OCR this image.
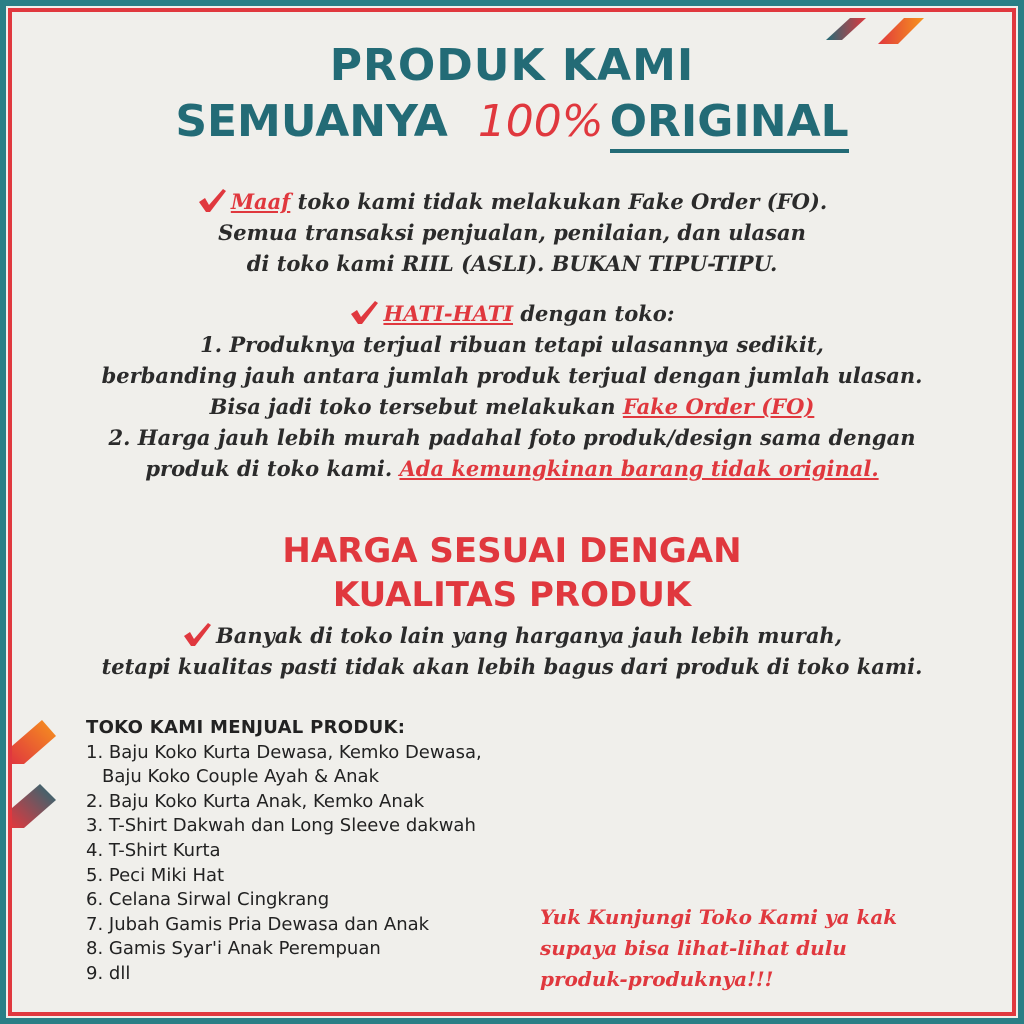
PRODUK KAMI
SEMUANYA 100% ORIGINAL
Maaf toko kami tidak melakukan Fake Order (FO).
Semua transaksi penjualan, penilaian, dan ulasan
di toko kami RIIL (ASLI). BUKAN TIPU-TIPU.
HATI-HATI dengan toko:
1. Produknya terjual ribuan tetapi ulasannya sedikit,
berbanding jauh antara jumlah produk terjual dengan jumlah ulasan.
Bisa jadi toko tersebut melakukan Fake Order (FO)
2. Harga jauh lebih murah padahal foto produk/design sama dengan
produk di toko kami. Ada kemungkinan barang tidak original.
HARGA SESUAI DENGAN
KUALITAS PRODUK
Banyak di toko lain yang harganya jauh lebih murah,
tetapi kualitas pasti tidak akan lebih bagus dari produk di toko kami.
TOKO KAMI MENJUAL PRODUK:
1. Baju Koko Kurta Dewasa, Kemko Dewasa,
Baju Koko Couple Ayah & Anak
2. Baju Koko Kurta Anak, Kemko Anak
3. T-Shirt Dakwah dan Long Sleeve dakwah
4. T-Shirt Kurta
5. Peci Miki Hat
6. Celana Sirwal Cingkrang
7. Jubah Gamis Pria Dewasa dan Anak
8. Gamis Syar'i Anak Perempuan
9. dll
Yuk Kunjungi Toko Kami ya kak
supaya bisa lihat-lihat dulu
produk-produknya!!!
